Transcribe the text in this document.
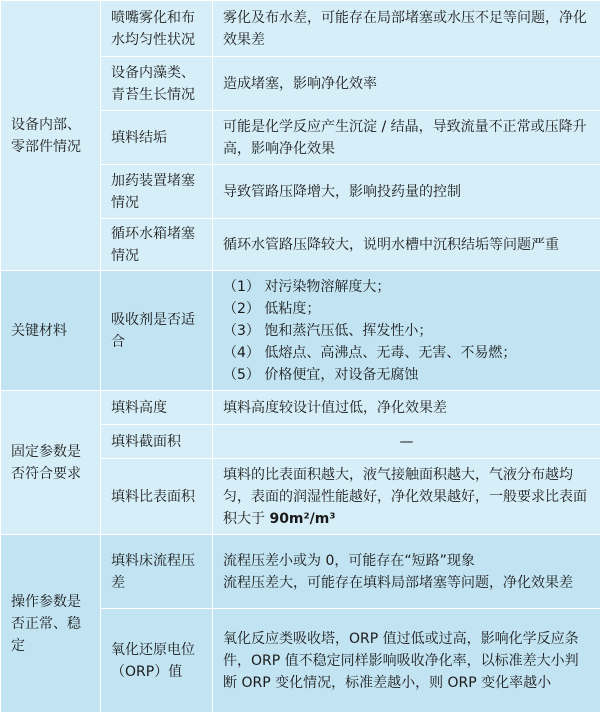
设备内部、零部件情况	喷嘴雾化和布水均匀性状况	雾化及布水差，可能存在局部堵塞或水压不足等问题，净化效果差
	设备内藻类、青苔生长情况	造成堵塞，影响净化效率
	填料结垢	可能是化学反应产生沉淀 / 结晶，导致流量不正常或压降升高，影响净化效果
	加药装置堵塞情况	导致管路压降增大，影响投药量的控制
	循环水箱堵塞情况	循环水管路压降较大，说明水槽中沉积结垢等问题严重
关键材料	吸收剂是否适合	（1） 对污染物溶解度大；
（2） 低粘度；
（3） 饱和蒸汽压低、挥发性小；
（4） 低熔点、高沸点、无毒、无害、不易燃；
（5） 价格便宜，对设备无腐蚀

固定参数是否符合要求	填料高度	填料高度较设计值过低，净化效果差
	填料截面积	—
	填料比表面积	填料的比表面积越大，液气接触面积越大，气液分布越均匀，表面的润湿性能越好，净化效果越好，一般要求比表面积大于 90m²/m³
操作参数是否正常、稳定	填料床流程压差	流程压差小或为 0，可能存在“短路”现象
流程压差大，可能存在填料局部堵塞等问题，净化效果差

	氧化还原电位（ORP）值	氧化反应类吸收塔，ORP 值过低或过高，影响化学反应条件，ORP 值不稳定同样影响吸收净化率，以标准差大小判断 ORP 变化情况，标准差越小，则 ORP 变化率越小
